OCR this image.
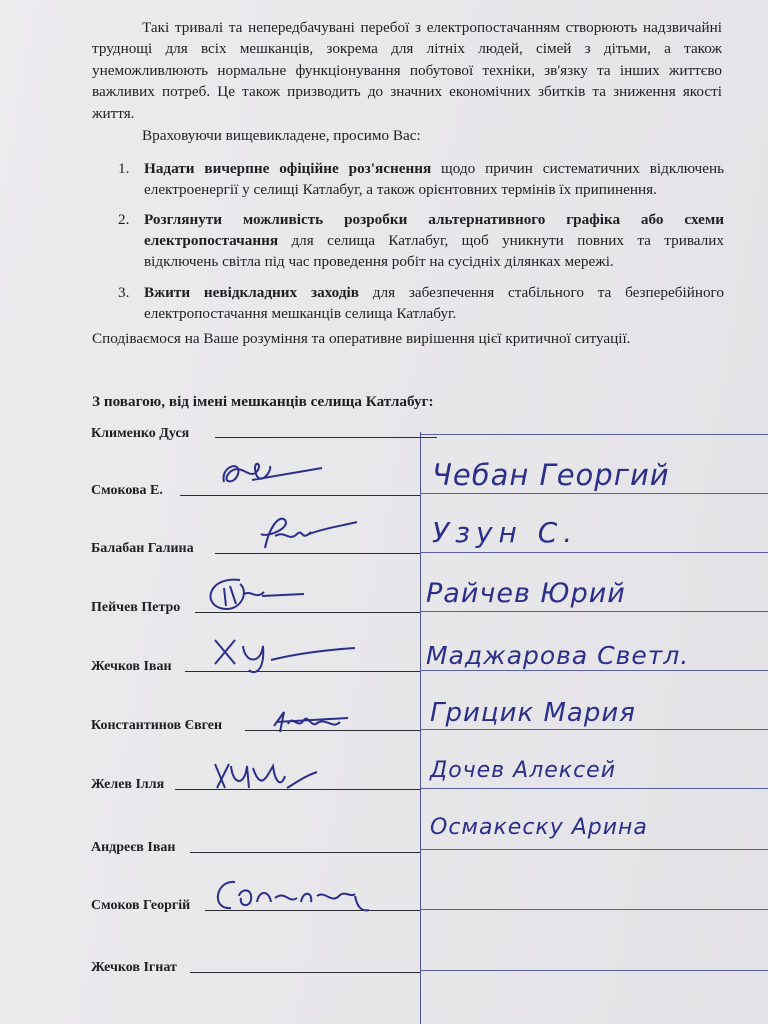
Такі тривалі та непередбачувані перебої з електропостачанням створюють надзвичайні труднощі для всіх мешканців, зокрема для літніх людей, сімей з дітьми, а також унеможливлюють нормальне функціонування побутової техніки, зв'язку та інших життєво важливих потреб. Це також призводить до значних економічних збитків та зниження якості життя.
Враховуючи вищевикладене, просимо Вас:
1. Надати вичерпне офіційне роз'яснення щодо причин систематичних відключень електроенергії у селищі Катлабуг, а також орієнтовних термінів їх припинення.
2. Розглянути можливість розробки альтернативного графіка або схеми електропостачання для селища Катлабуг, щоб уникнути повних та тривалих відключень світла під час проведення робіт на сусідніх ділянках мережі.
3. Вжити невідкладних заходів для забезпечення стабільного та безперебійного електропостачання мешканців селища Катлабуг.
Сподіваємося на Ваше розуміння та оперативне вирішення цієї критичної ситуації.
З повагою, від імені мешканців селища Катлабуг:
Клименко Дуся
Смокова Е.
Балабан Галина
Пейчев Петро
Жечков Іван
Константинов Євген
Желев Ілля
Андреєв Іван
Смоков Георгій
Жечков Ігнат
Чебан Георгий
Узун С.
Райчев Юрий
Маджарова Светл.
Грицик Мария
Дочев Алексей
Осмакеску Арина
